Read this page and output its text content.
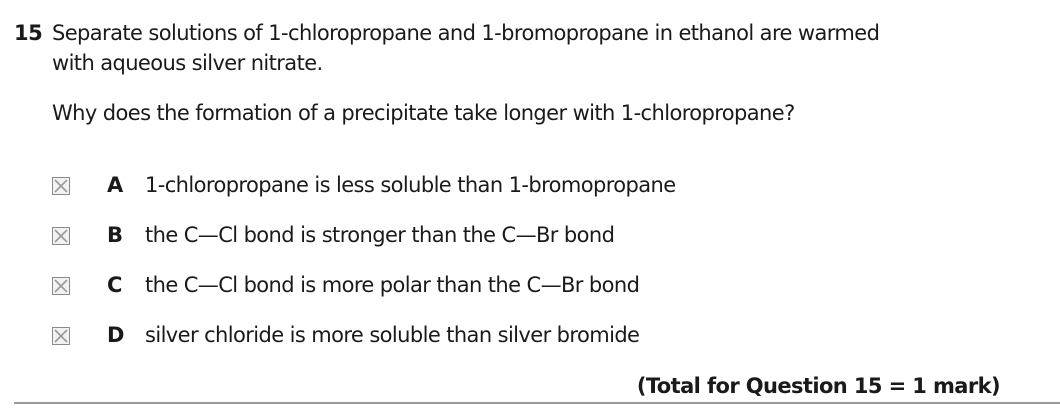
15 Separate solutions of 1-chloropropane and 1-bromopropane in ethanol are warmed
with aqueous silver nitrate.
Why does the formation of a precipitate take longer with 1-chloropropane?
A 1-chloropropane is less soluble than 1-bromopropane
B the C—Cl bond is stronger than the C—Br bond
C the C—Cl bond is more polar than the C—Br bond
D silver chloride is more soluble than silver bromide
(Total for Question 15 = 1 mark)
